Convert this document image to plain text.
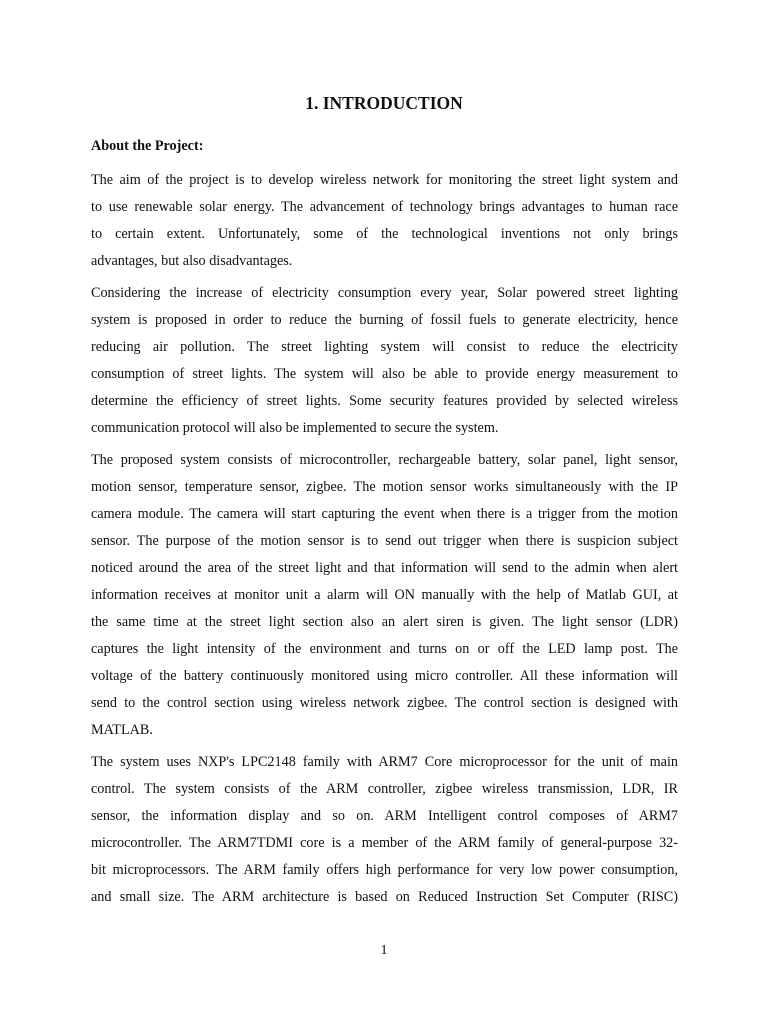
1. INTRODUCTION
About the Project:

The aim of the project is to develop wireless network for monitoring the street light system and
to use renewable solar energy. The advancement of technology brings advantages to human race
to certain extent. Unfortunately, some of the technological inventions not only brings
advantages, but also disadvantages.

Considering the increase of electricity consumption every year, Solar powered street lighting
system is proposed in order to reduce the burning of fossil fuels to generate electricity, hence
reducing air pollution. The street lighting system will consist to reduce the electricity
consumption of street lights. The system will also be able to provide energy measurement to
determine the efficiency of street lights. Some security features provided by selected wireless
communication protocol will also be implemented to secure the system.

The proposed system consists of microcontroller, rechargeable battery, solar panel, light sensor,
motion sensor, temperature sensor, zigbee. The motion sensor works simultaneously with the IP
camera module. The camera will start capturing the event when there is a trigger from the motion
sensor. The purpose of the motion sensor is to send out trigger when there is suspicion subject
noticed around the area of the street light and that information will send to the admin when alert
information receives at monitor unit a alarm will ON manually with the help of Matlab GUI, at
the same time at the street light section also an alert siren is given. The light sensor (LDR)
captures the light intensity of the environment and turns on or off the LED lamp post. The
voltage of the battery continuously monitored using micro controller. All these information will
send to the control section using wireless network zigbee. The control section is designed with
MATLAB.

The system uses NXP's LPC2148 family with ARM7 Core microprocessor for the unit of main
control. The system consists of the ARM controller, zigbee wireless transmission, LDR, IR
sensor, the information display and so on. ARM Intelligent control composes of ARM7
microcontroller. The ARM7TDMI core is a member of the ARM family of general-purpose 32-
bit microprocessors. The ARM family offers high performance for very low power consumption,
and small size. The ARM architecture is based on Reduced Instruction Set Computer (RISC)

1
